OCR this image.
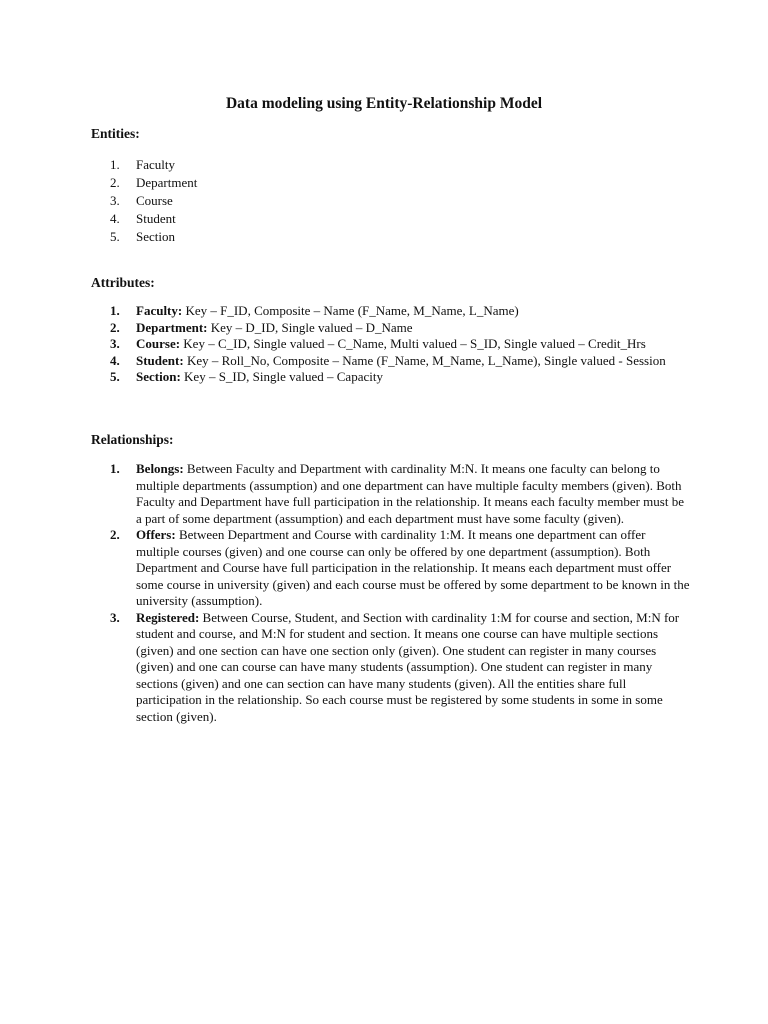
Data modeling using Entity-Relationship Model
Entities:
1. Faculty
2. Department
3. Course
4. Student
5. Section
Attributes:
1. Faculty: Key – F_ID, Composite – Name (F_Name, M_Name, L_Name)
2. Department: Key – D_ID, Single valued – D_Name
3. Course: Key – C_ID, Single valued – C_Name, Multi valued – S_ID, Single valued – Credit_Hrs
4. Student: Key – Roll_No, Composite – Name (F_Name, M_Name, L_Name), Single valued - Session
5. Section: Key – S_ID, Single valued – Capacity
Relationships:
1. Belongs: Between Faculty and Department with cardinality M:N. It means one faculty can belong to multiple departments (assumption) and one department can have multiple faculty members (given). Both Faculty and Department have full participation in the relationship. It means each faculty member must be a part of some department (assumption) and each department must have some faculty (given).
2. Offers: Between Department and Course with cardinality 1:M. It means one department can offer multiple courses (given) and one course can only be offered by one department (assumption). Both Department and Course have full participation in the relationship. It means each department must offer some course in university (given) and each course must be offered by some department to be known in the university (assumption).
3. Registered: Between Course, Student, and Section with cardinality 1:M for course and section, M:N for student and course, and M:N for student and section. It means one course can have multiple sections (given) and one section can have one section only (given). One student can register in many courses (given) and one can course can have many students (assumption). One student can register in many sections (given) and one can section can have many students (given). All the entities share full participation in the relationship. So each course must be registered by some students in some in some section (given).
